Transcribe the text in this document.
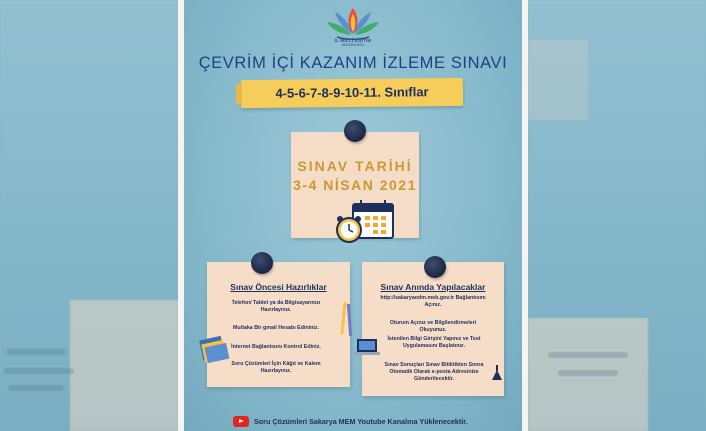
İL MİLLİ EĞİTİM
MÜDÜRLÜĞÜ
ÇEVRİM İÇİ KAZANIM İZLEME SINAVI
4-5-6-7-8-9-10-11. Sınıflar
SINAV TARİHİ
3-4 NİSAN 2021
Sınav Öncesi Hazırlıklar
Telefon/ Tablet ya da Bilgisayarınızı Hazırlayınız.
Mutlaka Bir gmail Hesabı Edininiz.
İnternet Bağlantısını Kontrol Ediniz.
Soru Çözümleri İçin Kâğıt ve Kalem Hazırlayınız.
Sınav Anında Yapılacaklar
http://sakaryaodm.meb.gov.tr Bağlantısını Açınız.
Oturum Açınız ve Bilgilendirmeleri Okuyunuz.
İstenilen Bilgi Girişini Yapınız ve Test Uygulamasını Başlatınız.
Sınav Sonuçları Sınav Bitiktikten Sonra Otomatik Olarak e-posta Adresinize Gönderilecektir.
Soru Çözümleri Sakarya MEM Youtube Kanalına Yüklenecektir.
